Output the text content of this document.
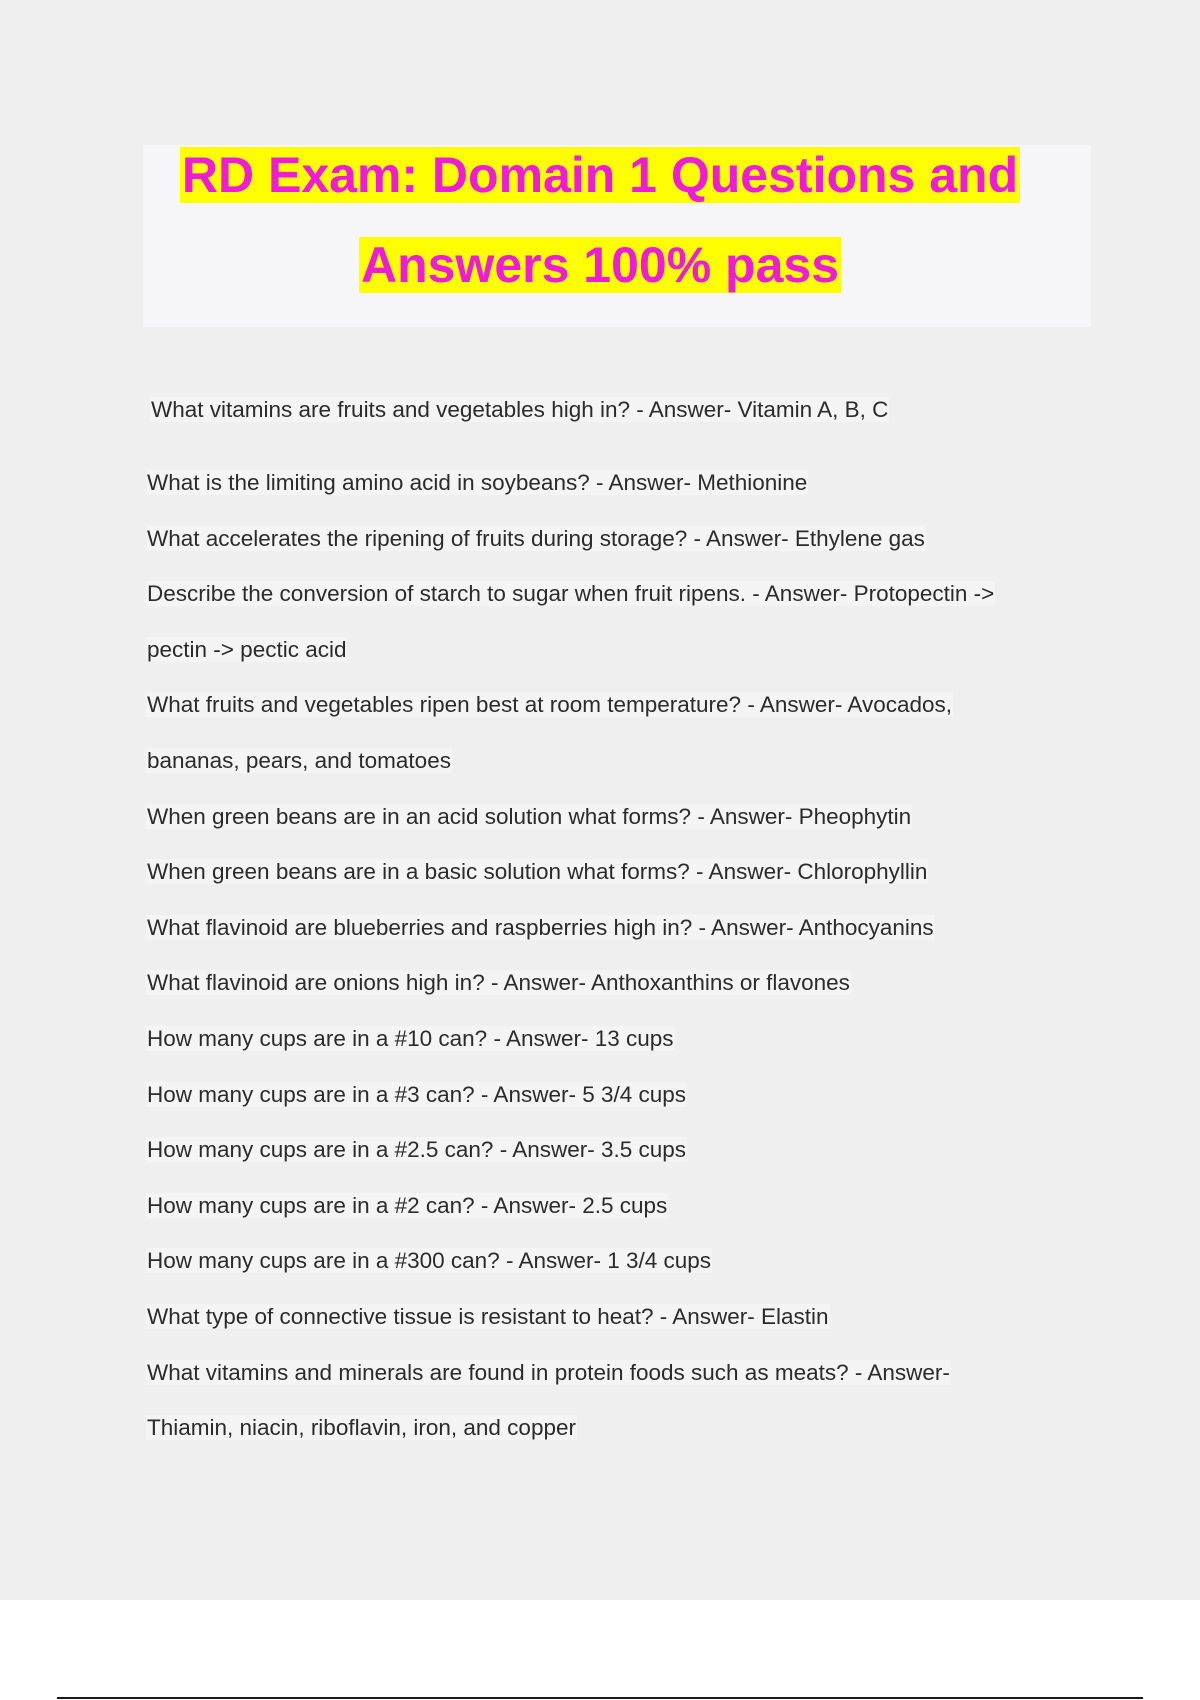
RD Exam: Domain 1 Questions and
Answers 100% pass

What vitamins are fruits and vegetables high in? - Answer- Vitamin A, B, C

What is the limiting amino acid in soybeans? - Answer- Methionine

What accelerates the ripening of fruits during storage? - Answer- Ethylene gas

Describe the conversion of starch to sugar when fruit ripens. - Answer- Protopectin ->

pectin -> pectic acid

What fruits and vegetables ripen best at room temperature? - Answer- Avocados,

bananas, pears, and tomatoes

When green beans are in an acid solution what forms? - Answer- Pheophytin

When green beans are in a basic solution what forms? - Answer- Chlorophyllin

What flavinoid are blueberries and raspberries high in? - Answer- Anthocyanins

What flavinoid are onions high in? - Answer- Anthoxanthins or flavones

How many cups are in a #10 can? - Answer- 13 cups

How many cups are in a #3 can? - Answer- 5 3/4 cups

How many cups are in a #2.5 can? - Answer- 3.5 cups

How many cups are in a #2 can? - Answer- 2.5 cups

How many cups are in a #300 can? - Answer- 1 3/4 cups

What type of connective tissue is resistant to heat? - Answer- Elastin

What vitamins and minerals are found in protein foods such as meats? - Answer-

Thiamin, niacin, riboflavin, iron, and copper
